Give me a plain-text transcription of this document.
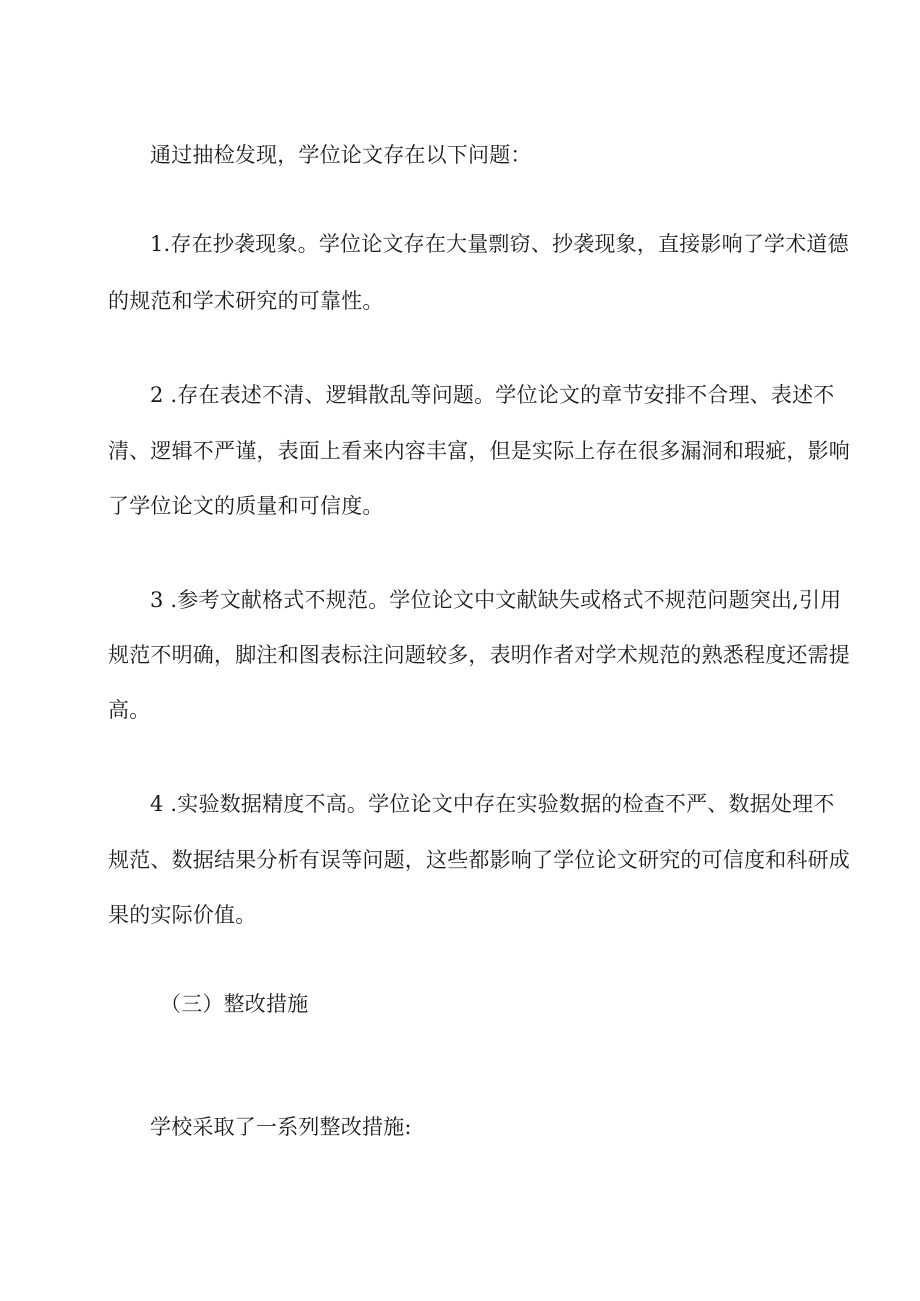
通过抽检发现，学位论文存在以下问题：
1.存在抄袭现象。学位论文存在大量剽窃、抄袭现象，直接影响了学术道德
的规范和学术研究的可靠性。
2 .存在表述不清、逻辑散乱等问题。学位论文的章节安排不合理、表述不
清、逻辑不严谨，表面上看来内容丰富，但是实际上存在很多漏洞和瑕疵，影响
了学位论文的质量和可信度。
3 .参考文献格式不规范。学位论文中文献缺失或格式不规范问题突出,引用
规范不明确，脚注和图表标注问题较多，表明作者对学术规范的熟悉程度还需提
高。
4 .实验数据精度不高。学位论文中存在实验数据的检查不严、数据处理不
规范、数据结果分析有误等问题，这些都影响了学位论文研究的可信度和科研成
果的实际价值。
（三）整改措施
学校采取了一系列整改措施:
